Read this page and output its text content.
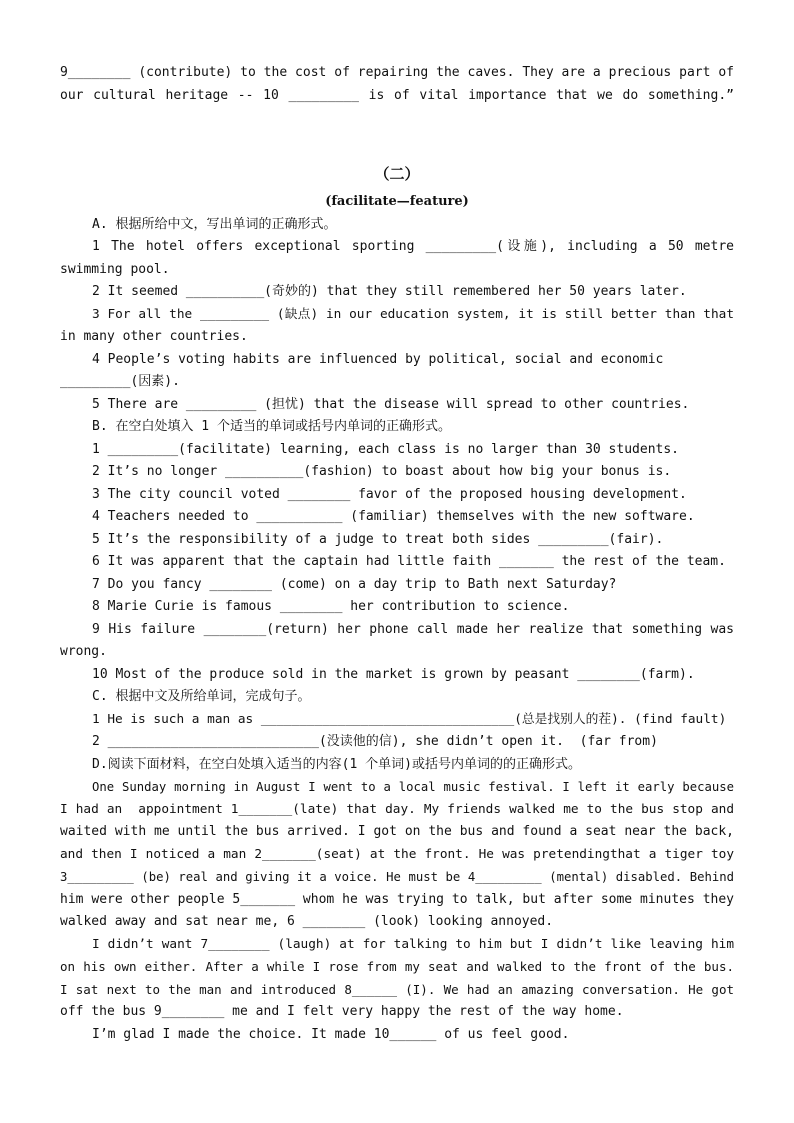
9________ (contribute) to the cost of repairing the caves. They are a precious part of
our cultural heritage -- 10 _________ is of vital importance that we do something.”
（二）
(facilitate—feature)
A. 根据所给中文，写出单词的正确形式。
1 The hotel offers exceptional sporting _________(设施), including a 50 metre
swimming pool.
2 It seemed __________(奇妙的) that they still remembered her 50 years later.
3 For all the _________ (缺点) in our education system, it is still better than that
in many other countries.
4 People’s voting habits are influenced by political, social and economic
_________(因素).
5 There are _________ (担忧) that the disease will spread to other countries.
B. 在空白处填入 1 个适当的单词或括号内单词的正确形式。
1 _________(facilitate) learning, each class is no larger than 30 students.
2 It’s no longer __________(fashion) to boast about how big your bonus is.
3 The city council voted ________ favor of the proposed housing development.
4 Teachers needed to ___________ (familiar) themselves with the new software.
5 It’s the responsibility of a judge to treat both sides _________(fair).
6 It was apparent that the captain had little faith _______ the rest of the team.
7 Do you fancy ________ (come) on a day trip to Bath next Saturday?
8 Marie Curie is famous ________ her contribution to science.
9 His failure ________(return) her phone call made her realize that something was
wrong.
10 Most of the produce sold in the market is grown by peasant ________(farm).
C. 根据中文及所给单词，完成句子。
1 He is such a man as _________________________________(总是找别人的茬). (find fault)
2 ___________________________(没读他的信), she didn’t open it.  (far from)
D.阅读下面材料，在空白处填入适当的内容(1 个单词)或括号内单词的的正确形式。
One Sunday morning in August I went to a local music festival. I left it early because
I had an  appointment 1_______(late) that day. My friends walked me to the bus stop and
waited with me until the bus arrived. I got on the bus and found a seat near the back,
and then I noticed a man 2_______(seat) at the front. He was pretendingthat a tiger toy
3_________ (be) real and giving it a voice. He must be 4_________ (mental) disabled. Behind
him were other people 5_______ whom he was trying to talk, but after some minutes they
walked away and sat near me, 6 ________ (look) looking annoyed.
I didn’t want 7________ (laugh) at for talking to him but I didn’t like leaving him
on his own either. After a while I rose from my seat and walked to the front of the bus.
I sat next to the man and introduced 8______ (I). We had an amazing conversation. He got
off the bus 9________ me and I felt very happy the rest of the way home.
I’m glad I made the choice. It made 10______ of us feel good.
